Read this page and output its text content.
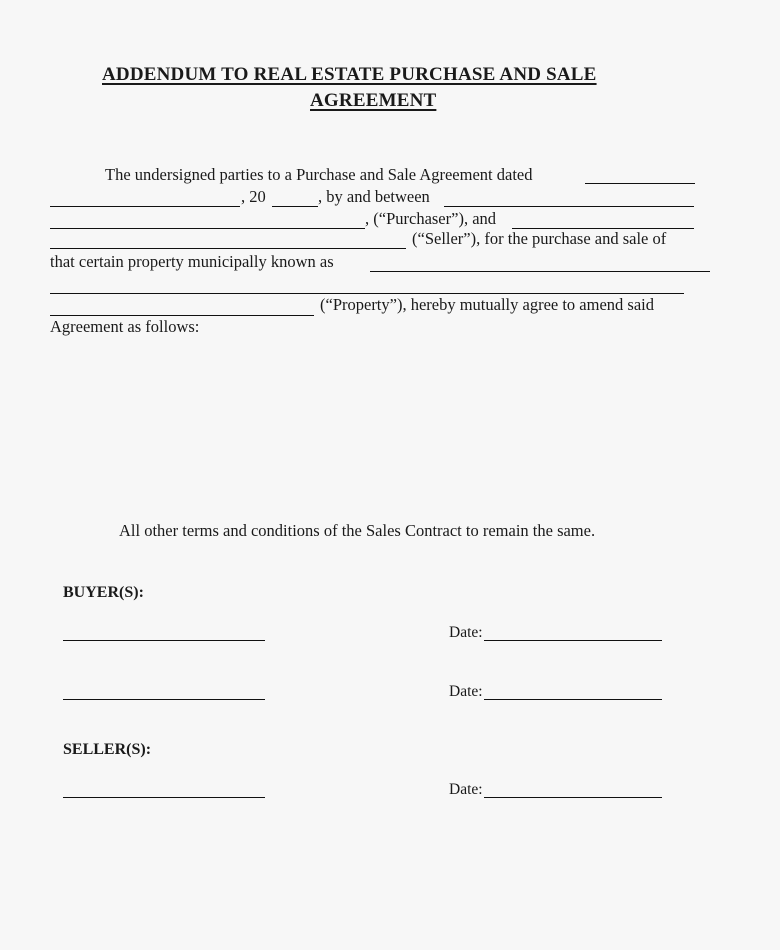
ADDENDUM TO REAL ESTATE PURCHASE AND SALE
AGREEMENT
The undersigned parties to a Purchase and Sale Agreement dated
, 20	, by and between
, (“Purchaser”), and
(“Seller”), for the purchase and sale of
that certain property municipally known as
(“Property”), hereby mutually agree to amend said
Agreement as follows:
All other terms and conditions of the Sales Contract to remain the same.
BUYER(S):
Date:
Date:
SELLER(S):
Date:
